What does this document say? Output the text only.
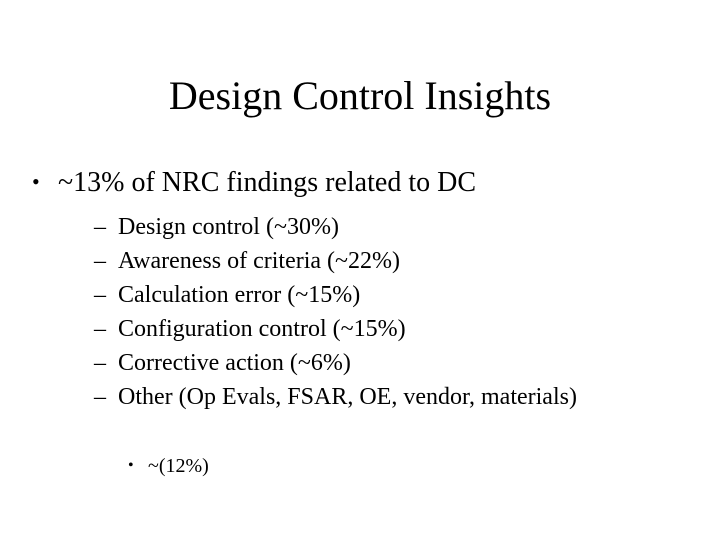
Design Control Insights
• ~13% of NRC findings related to DC
– Design control (~30%)
– Awareness of criteria (~22%)
– Calculation error (~15%)
– Configuration control (~15%)
– Corrective action (~6%)
– Other (Op Evals, FSAR, OE, vendor, materials)
• ~(12%)
